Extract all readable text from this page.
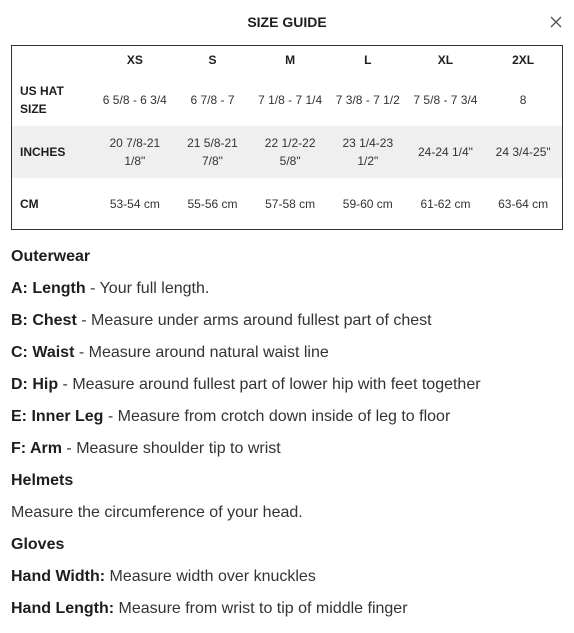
SIZE GUIDE
	XS	S	M	L	XL	2XL
US HAT SIZE	6 5/8 - 6 3/4	6 7/8 - 7	7 1/8 - 7 1/4	7 3/8 - 7 1/2	7 5/8 - 7 3/4	8
INCHES	20 7/8-21 1/8"	21 5/8-21 7/8"	22 1/2-22 5/8"	23 1/4-23 1/2"	24-24 1/4"	24 3/4-25"
CM	53-54 cm	55-56 cm	57-58 cm	59-60 cm	61-62 cm	63-64 cm
Outerwear
A: Length - Your full length.
B: Chest - Measure under arms around fullest part of chest
C: Waist - Measure around natural waist line
D: Hip - Measure around fullest part of lower hip with feet together
E: Inner Leg - Measure from crotch down inside of leg to floor
F: Arm - Measure shoulder tip to wrist
Helmets
Measure the circumference of your head.
Gloves
Hand Width: Measure width over knuckles
Hand Length: Measure from wrist to tip of middle finger
